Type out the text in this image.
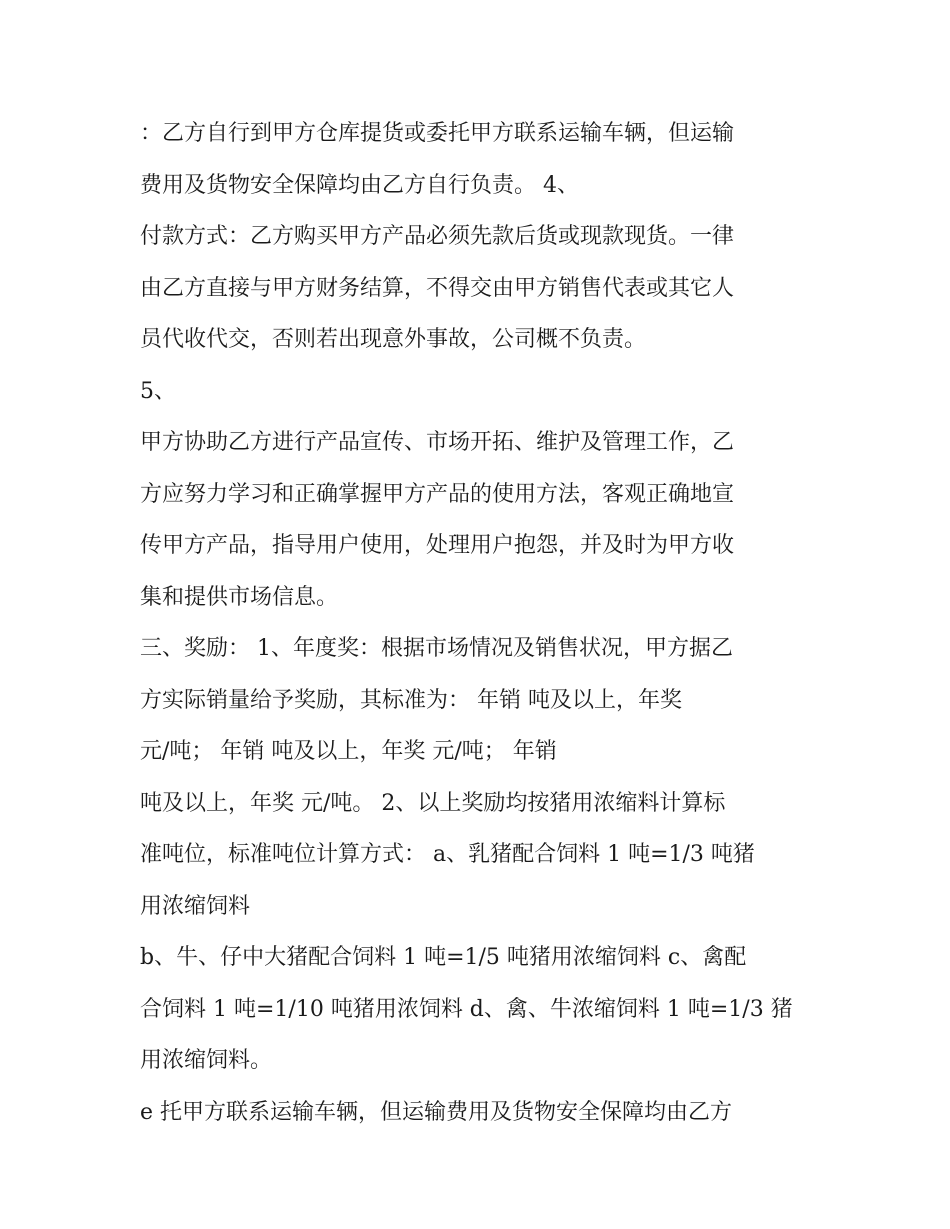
：乙方自行到甲方仓库提货或委托甲方联系运输车辆，但运输
费用及货物安全保障均由乙方自行负责。 4、
付款方式：乙方购买甲方产品必须先款后货或现款现货。一律
由乙方直接与甲方财务结算，不得交由甲方销售代表或其它人
员代收代交，否则若出现意外事故，公司概不负责。
5、
甲方协助乙方进行产品宣传、市场开拓、维护及管理工作，乙
方应努力学习和正确掌握甲方产品的使用方法，客观正确地宣
传甲方产品，指导用户使用，处理用户抱怨，并及时为甲方收
集和提供市场信息。
三、奖励： 1、年度奖：根据市场情况及销售状况，甲方据乙
方实际销量给予奖励，其标准为： 年销 吨及以上，年奖
元/吨； 年销 吨及以上，年奖 元/吨； 年销
吨及以上，年奖 元/吨。 2、以上奖励均按猪用浓缩料计算标
准吨位，标准吨位计算方式： a、乳猪配合饲料 1 吨=1/3 吨猪
用浓缩饲料
b、牛、仔中大猪配合饲料 1 吨=1/5 吨猪用浓缩饲料 c、禽配
合饲料 1 吨=1/10 吨猪用浓饲料 d、禽、牛浓缩饲料 1 吨=1/3 猪
用浓缩饲料。
e 托甲方联系运输车辆，但运输费用及货物安全保障均由乙方
